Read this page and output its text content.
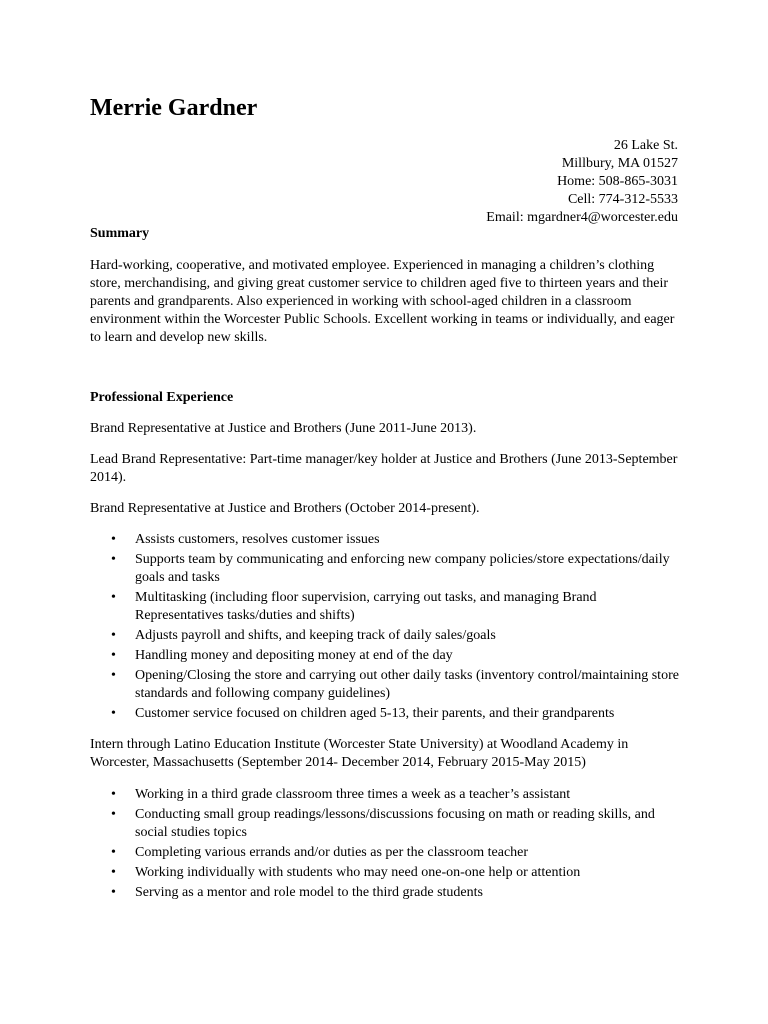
Merrie Gardner
26 Lake St.
Millbury, MA 01527
Home: 508-865-3031
Cell: 774-312-5533
Email: mgardner4@worcester.edu
Summary

Hard-working, cooperative, and motivated employee. Experienced in managing a children’s clothing store, merchandising, and giving great customer service to children aged five to thirteen years and their parents and grandparents. Also experienced in working with school-aged children in a classroom environment within the Worcester Public Schools. Excellent working in teams or individually, and eager to learn and develop new skills.

Professional Experience

Brand Representative at Justice and Brothers (June 2011-June 2013).

Lead Brand Representative: Part-time manager/key holder at Justice and Brothers (June 2013-September 2014).

Brand Representative at Justice and Brothers (October 2014-present).

• Assists customers, resolves customer issues
• Supports team by communicating and enforcing new company policies/store expectations/daily goals and tasks
• Multitasking (including floor supervision, carrying out tasks, and managing Brand Representatives tasks/duties and shifts)
• Adjusts payroll and shifts, and keeping track of daily sales/goals
• Handling money and depositing money at end of the day
• Opening/Closing the store and carrying out other daily tasks (inventory control/maintaining store standards and following company guidelines)
• Customer service focused on children aged 5-13, their parents, and their grandparents

Intern through Latino Education Institute (Worcester State University) at Woodland Academy in Worcester, Massachusetts (September 2014- December 2014, February 2015-May 2015)

• Working in a third grade classroom three times a week as a teacher’s assistant
• Conducting small group readings/lessons/discussions focusing on math or reading skills, and social studies topics
• Completing various errands and/or duties as per the classroom teacher
• Working individually with students who may need one-on-one help or attention
• Serving as a mentor and role model to the third grade students
